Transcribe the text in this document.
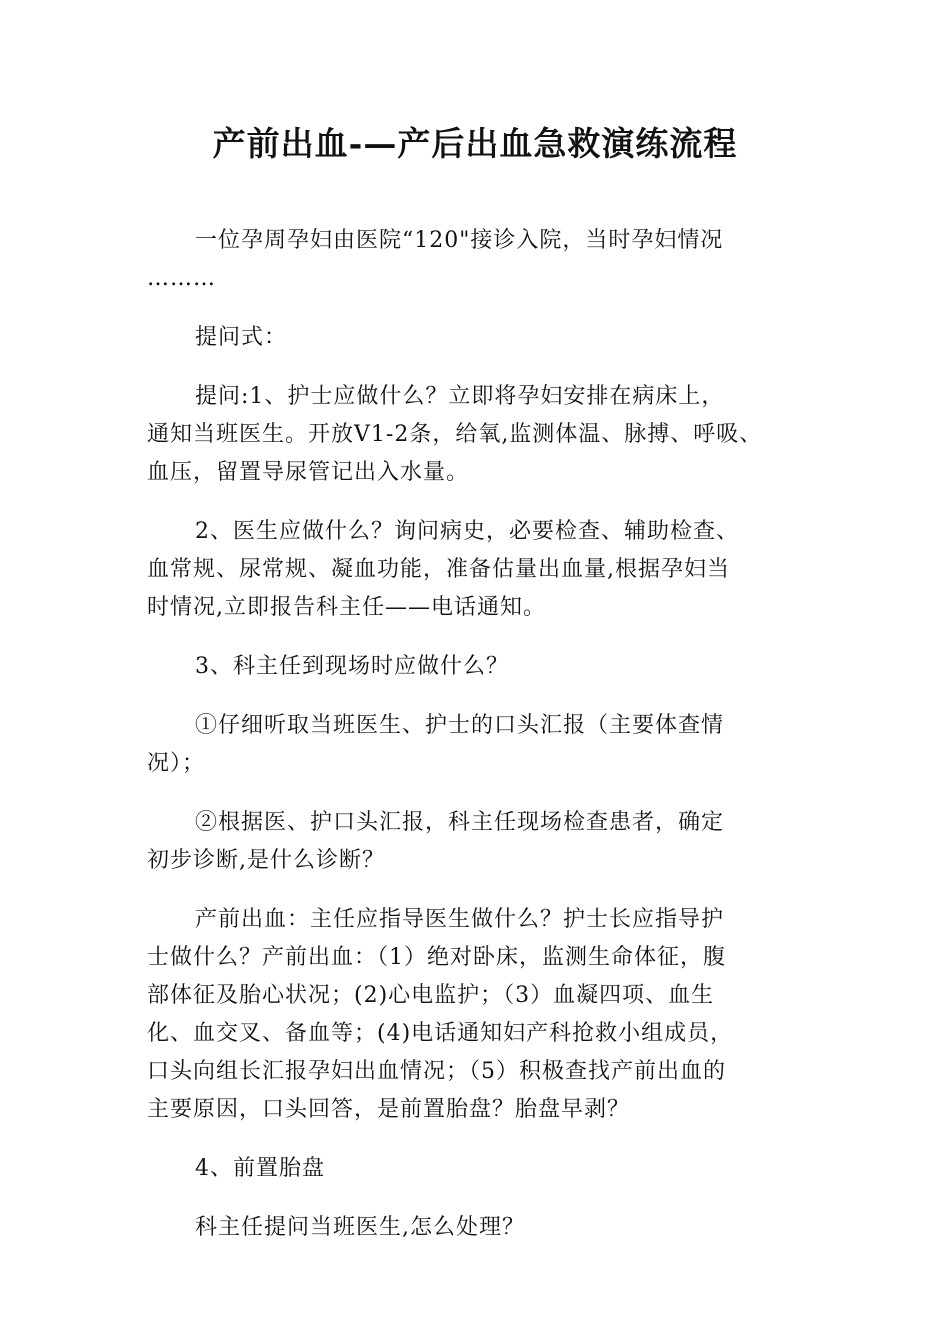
产前出血-—产后出血急救演练流程

一位孕周孕妇由医院“120"接诊入院，当时孕妇情况
………

提问式：

提问:1、护士应做什么？立即将孕妇安排在病床上，
通知当班医生。开放V1-2条，给氧,监测体温、脉搏、呼吸、
血压，留置导尿管记出入水量。

2、医生应做什么？询问病史，必要检查、辅助检查、
血常规、尿常规、凝血功能，准备估量出血量,根据孕妇当
时情况,立即报告科主任——电话通知。

3、科主任到现场时应做什么？

①仔细听取当班医生、护士的口头汇报（主要体查情
况）；

②根据医、护口头汇报，科主任现场检查患者，确定
初步诊断,是什么诊断？

产前出血：主任应指导医生做什么？护士长应指导护
士做什么？产前出血：（1）绝对卧床，监测生命体征，腹
部体征及胎心状况；(2)心电监护；（3）血凝四项、血生
化、血交叉、备血等；(4)电话通知妇产科抢救小组成员，
口头向组长汇报孕妇出血情况；（5）积极查找产前出血的
主要原因，口头回答，是前置胎盘？胎盘早剥？

4、前置胎盘

科主任提问当班医生,怎么处理？
